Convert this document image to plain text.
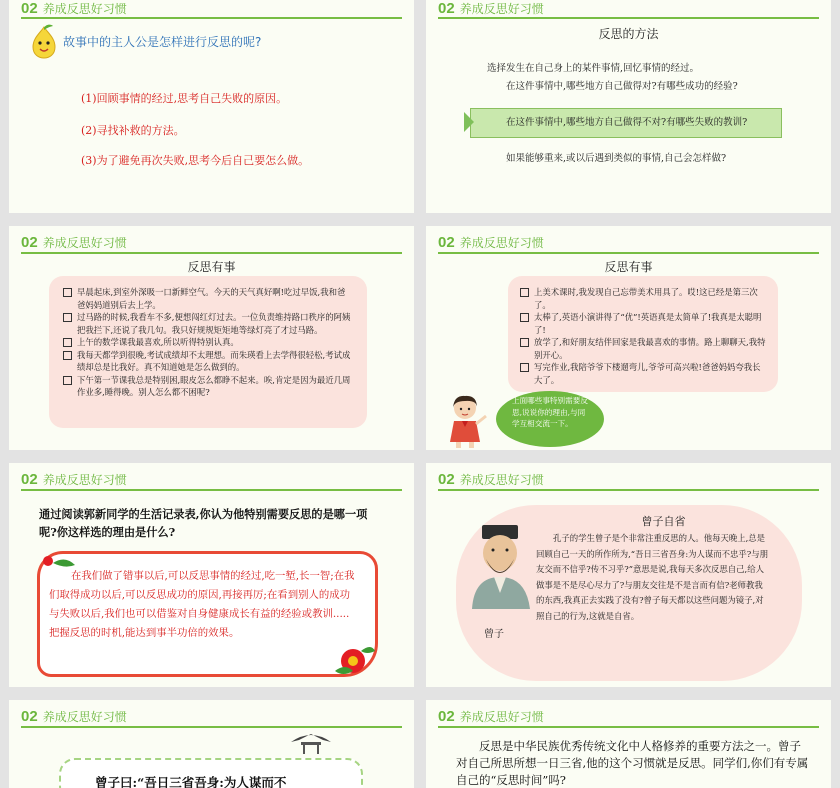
02 养成反思好习惯
故事中的主人公是怎样进行反思的呢?
(1)回顾事情的经过,思考自己失败的原因。
(2)寻找补救的方法。
(3)为了避免再次失败,思考今后自己要怎么做。
02 养成反思好习惯
反思的方法
选择发生在自己身上的某件事情,回忆事情的经过。
在这件事情中,哪些地方自己做得对?有哪些成功的经验?
在这件事情中,哪些地方自己做得不对?有哪些失败的教训?
如果能够重来,或以后遇到类似的事情,自己会怎样做?
02 养成反思好习惯
反思有事
早晨起床,到室外深吸一口新鲜空气。今天的天气真好啊!吃过早饭,我和爸爸妈妈道别后去上学。
过马路的时候,我看车不多,便想闯红灯过去。一位负责维持路口秩序的阿姨把我拦下,还说了我几句。我只好规规矩矩地等绿灯亮了才过马路。
上午的数学课我最喜欢,所以听得特别认真。
我每天都学到很晚,考试成绩却不太理想。而朱瑛看上去学得很轻松,考试成绩却总是比我好。真不知道她是怎么做到的。
下午第一节课我总是特别困,眼皮怎么都睁不起来。唉,肯定是因为最近几周作业多,睡得晚。别人怎么都不困呢?
02 养成反思好习惯
反思有事
上美术课时,我发现自己忘带美术用具了。哎!这已经是第三次了。
太棒了,英语小演讲得了“优”!英语真是太简单了!我真是太聪明了!
放学了,和好朋友结伴回家是我最喜欢的事情。路上聊聊天,我特别开心。
写完作业,我陪爷爷下楼遛弯儿,爷爷可高兴啦!爸爸妈妈夸我长大了。
上面哪些事特别需要反思,说说你的理由,与同学互相交流一下。
02 养成反思好习惯
通过阅读郭新同学的生活记录表,你认为他特别需要反思的是哪一项呢?你这样选的理由是什么?
在我们做了错事以后,可以反思事情的经过,吃一堑,长一智;在我们取得成功以后,可以反思成功的原因,再接再厉;在看到别人的成功与失败以后,我们也可以借鉴对自身健康成长有益的经验或教训.....把握反思的时机,能达到事半功倍的效果。
02 养成反思好习惯
曾子自省
曾子
孔子的学生曾子是个非常注重反思的人。他每天晚上,总是回顾自己一天的所作所为,“吾日三省吾身:为人谋而不忠乎?与朋友交而不信乎?传不习乎?”意思是说,我每天多次反思自己,给人做事是不是尽心尽力了?与朋友交往是不是言而有信?老师教我的东西,我真正去实践了没有?曾子每天都以这些问题为镜子,对照自己的行为,这就是自省。
02 养成反思好习惯
曾子曰:“吾日三省吾身:为人谋而不
02 养成反思好习惯
反思是中华民族优秀传统文化中人格修养的重要方法之一。曾子对自己所思所想一日三省,他的这个习惯就是反思。同学们,你们有专属自己的“反思时间”吗?
